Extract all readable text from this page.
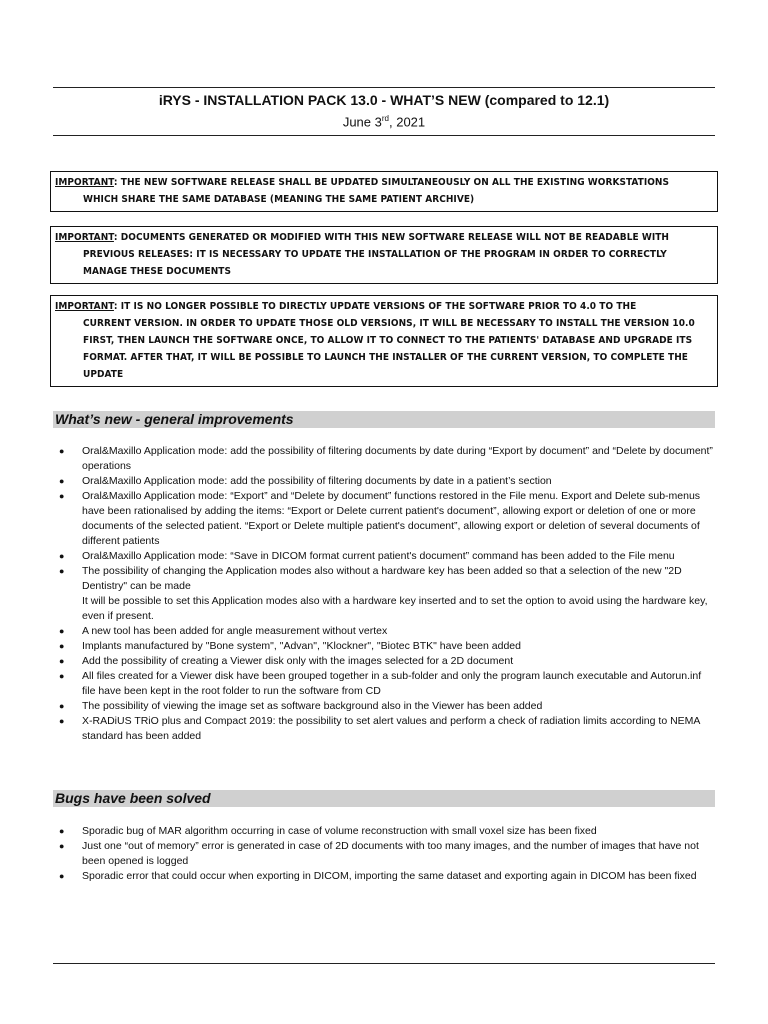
iRYS - INSTALLATION PACK 13.0 - WHAT’S NEW (compared to 12.1)
June 3rd, 2021
IMPORTANT: THE NEW SOFTWARE RELEASE SHALL BE UPDATED SIMULTANEOUSLY ON ALL THE EXISTING WORKSTATIONS
WHICH SHARE THE SAME DATABASE (MEANING THE SAME PATIENT ARCHIVE)
IMPORTANT: DOCUMENTS GENERATED OR MODIFIED WITH THIS NEW SOFTWARE RELEASE WILL NOT BE READABLE WITH
PREVIOUS RELEASES: IT IS NECESSARY TO UPDATE THE INSTALLATION OF THE PROGRAM IN ORDER TO CORRECTLY MANAGE THESE DOCUMENTS
IMPORTANT: IT IS NO LONGER POSSIBLE TO DIRECTLY UPDATE VERSIONS OF THE SOFTWARE PRIOR TO 4.0 TO THE
CURRENT VERSION. IN ORDER TO UPDATE THOSE OLD VERSIONS, IT WILL BE NECESSARY TO INSTALL THE VERSION 10.0 FIRST, THEN LAUNCH THE SOFTWARE ONCE, TO ALLOW IT TO CONNECT TO THE PATIENTS' DATABASE AND UPGRADE ITS FORMAT. AFTER THAT, IT WILL BE POSSIBLE TO LAUNCH THE INSTALLER OF THE CURRENT VERSION, TO COMPLETE THE UPDATE
What’s new - general improvements
● Oral&Maxillo Application mode: add the possibility of filtering documents by date during “Export by document” and “Delete by document” operations
● Oral&Maxillo Application mode: add the possibility of filtering documents by date in a patient’s section
● Oral&Maxillo Application mode: “Export” and “Delete by document” functions restored in the File menu. Export and Delete sub-menus have been rationalised by adding the items: “Export or Delete current patient's document”, allowing export or deletion of one or more documents of the selected patient. “Export or Delete multiple patient's document”, allowing export or deletion of several documents of different patients
● Oral&Maxillo Application mode: “Save in DICOM format current patient's document” command has been added to the File menu
● The possibility of changing the Application modes also without a hardware key has been added so that a selection of the new "2D Dentistry" can be made
It will be possible to set this Application modes also with a hardware key inserted and to set the option to avoid using the hardware key, even if present.
● A new tool has been added for angle measurement without vertex
● Implants manufactured by "Bone system", "Advan", "Klockner", "Biotec BTK" have been added
● Add the possibility of creating a Viewer disk only with the images selected for a 2D document
● All files created for a Viewer disk have been grouped together in a sub-folder and only the program launch executable and Autorun.inf file have been kept in the root folder to run the software from CD
● The possibility of viewing the image set as software background also in the Viewer has been added
● X-RADiUS TRiO plus and Compact 2019: the possibility to set alert values and perform a check of radiation limits according to NEMA standard has been added
Bugs have been solved
● Sporadic bug of MAR algorithm occurring in case of volume reconstruction with small voxel size has been fixed
● Just one “out of memory” error is generated in case of 2D documents with too many images, and the number of images that have not been opened is logged
● Sporadic error that could occur when exporting in DICOM, importing the same dataset and exporting again in DICOM has been fixed
